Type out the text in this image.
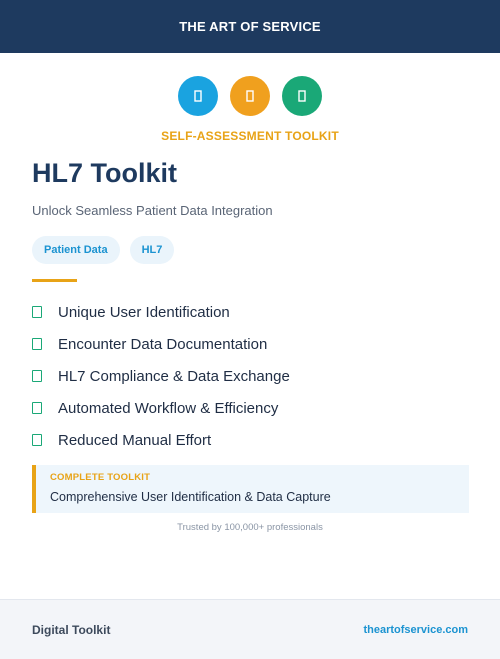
THE ART OF SERVICE
SELF-ASSESSMENT TOOLKIT
HL7 Toolkit

Unlock Seamless Patient Data Integration

Patient Data	HL7
Unique User Identification
Encounter Data Documentation
HL7 Compliance & Data Exchange
Automated Workflow & Efficiency
Reduced Manual Effort
COMPLETE TOOLKIT
Comprehensive User Identification & Data Capture
Trusted by 100,000+ professionals
Digital Toolkit	theartofservice.com
